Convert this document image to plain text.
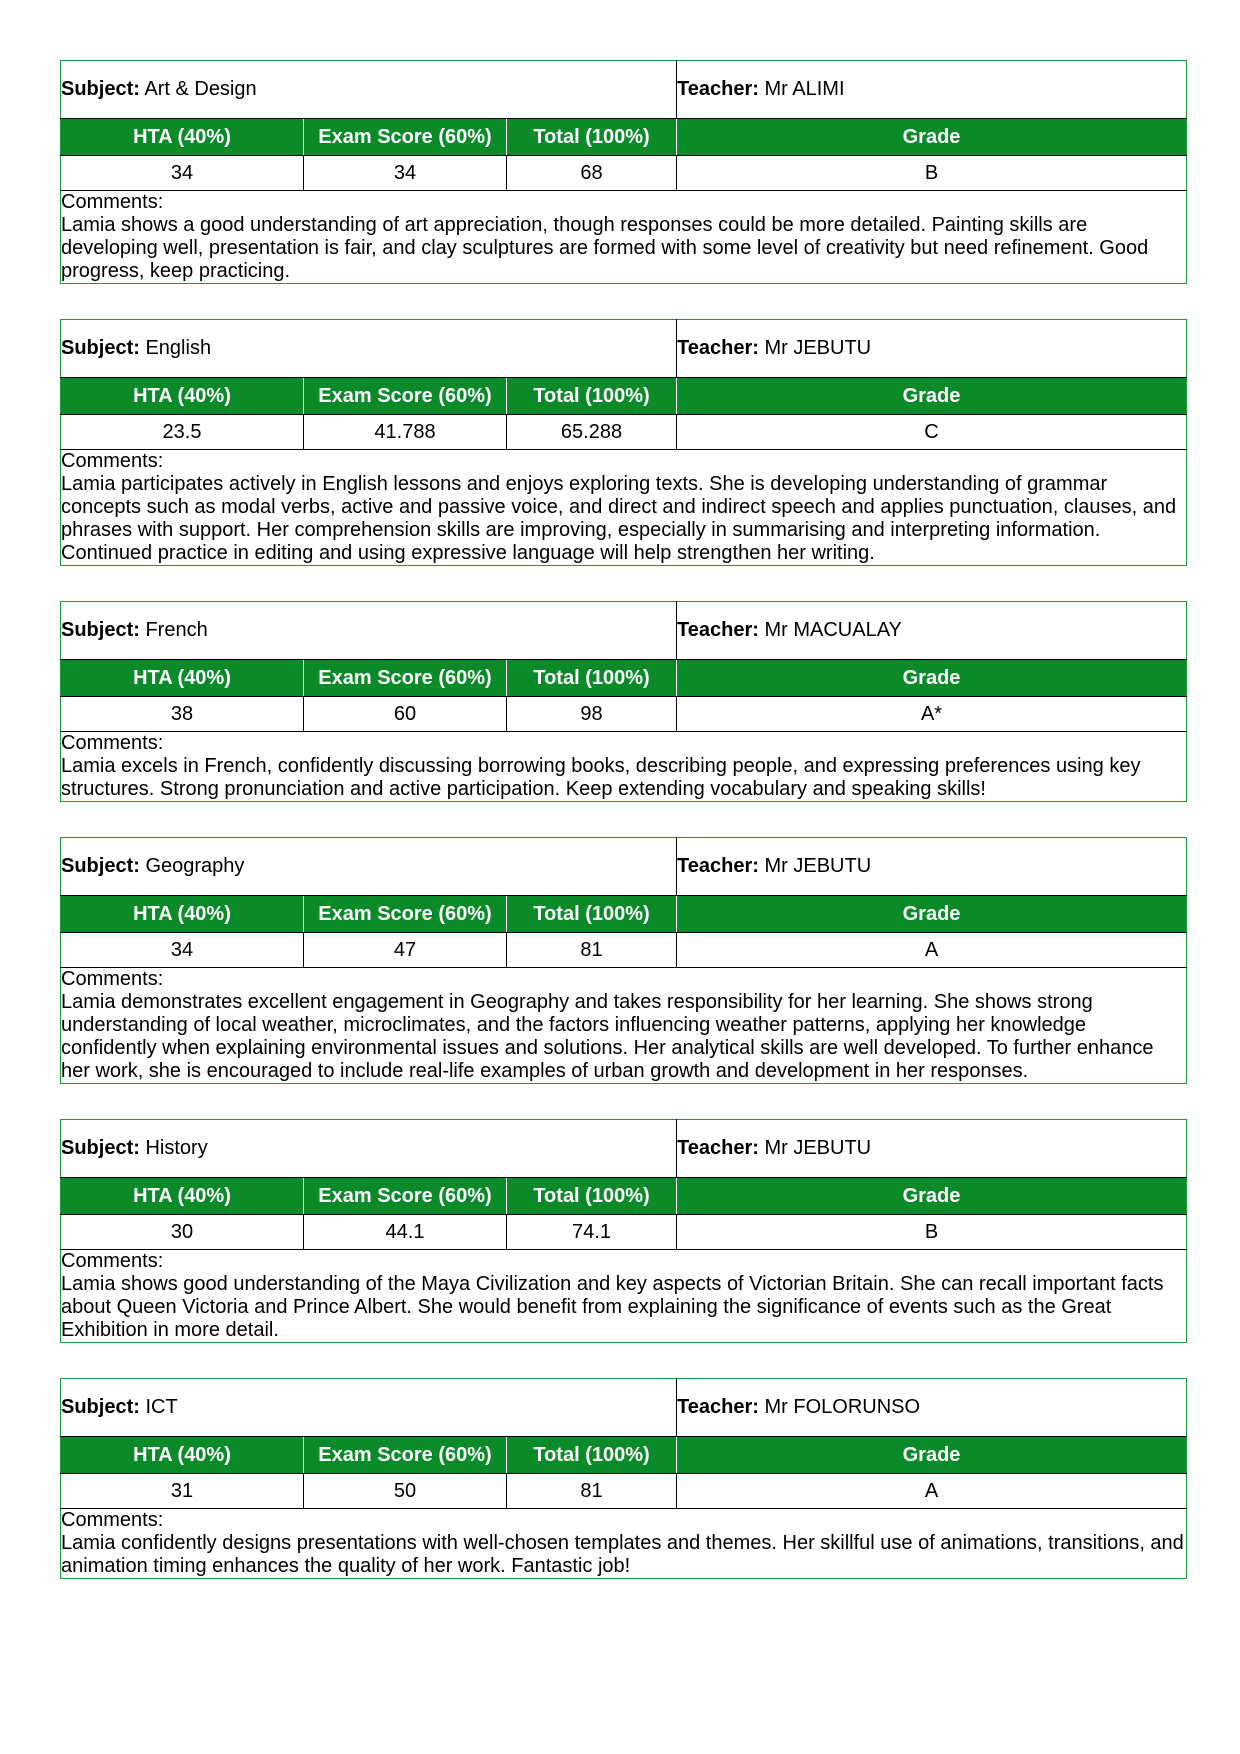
Subject: Art & Design			Teacher: Mr ALIMI
HTA (40%)	Exam Score (60%)	Total (100%)	Grade
34	34	68	B

Comments:
Lamia shows a good understanding of art appreciation, though responses could be more detailed. Painting skills are developing well, presentation is fair, and clay sculptures are formed with some level of creativity but need refinement. Good progress, keep practicing.			
Subject: English			Teacher: Mr JEBUTU
HTA (40%)	Exam Score (60%)	Total (100%)	Grade
23.5	41.788	65.288	C

Comments:
Lamia participates actively in English lessons and enjoys exploring texts. She is developing understanding of grammar concepts such as modal verbs, active and passive voice, and direct and indirect speech and applies punctuation, clauses, and phrases with support. Her comprehension skills are improving, especially in summarising and interpreting information. Continued practice in editing and using expressive language will help strengthen her writing.			
Subject: French			Teacher: Mr MACUALAY
HTA (40%)	Exam Score (60%)	Total (100%)	Grade
38	60	98	A*

Comments:
Lamia excels in French, confidently discussing borrowing books, describing people, and expressing preferences using key structures. Strong pronunciation and active participation. Keep extending vocabulary and speaking skills!			
Subject: Geography			Teacher: Mr JEBUTU
HTA (40%)	Exam Score (60%)	Total (100%)	Grade
34	47	81	A

Comments:
Lamia demonstrates excellent engagement in Geography and takes responsibility for her learning. She shows strong understanding of local weather, microclimates, and the factors influencing weather patterns, applying her knowledge confidently when explaining environmental issues and solutions. Her analytical skills are well developed. To further enhance her work, she is encouraged to include real-life examples of urban growth and development in her responses.			
Subject: History			Teacher: Mr JEBUTU
HTA (40%)	Exam Score (60%)	Total (100%)	Grade
30	44.1	74.1	B

Comments:
Lamia shows good understanding of the Maya Civilization and key aspects of Victorian Britain. She can recall important facts about Queen Victoria and Prince Albert. She would benefit from explaining the significance of events such as the Great Exhibition in more detail.			
Subject: ICT			Teacher: Mr FOLORUNSO
HTA (40%)	Exam Score (60%)	Total (100%)	Grade
31	50	81	A

Comments:
Lamia confidently designs presentations with well-chosen templates and themes. Her skillful use of animations, transitions, and animation timing enhances the quality of her work. Fantastic job!			
